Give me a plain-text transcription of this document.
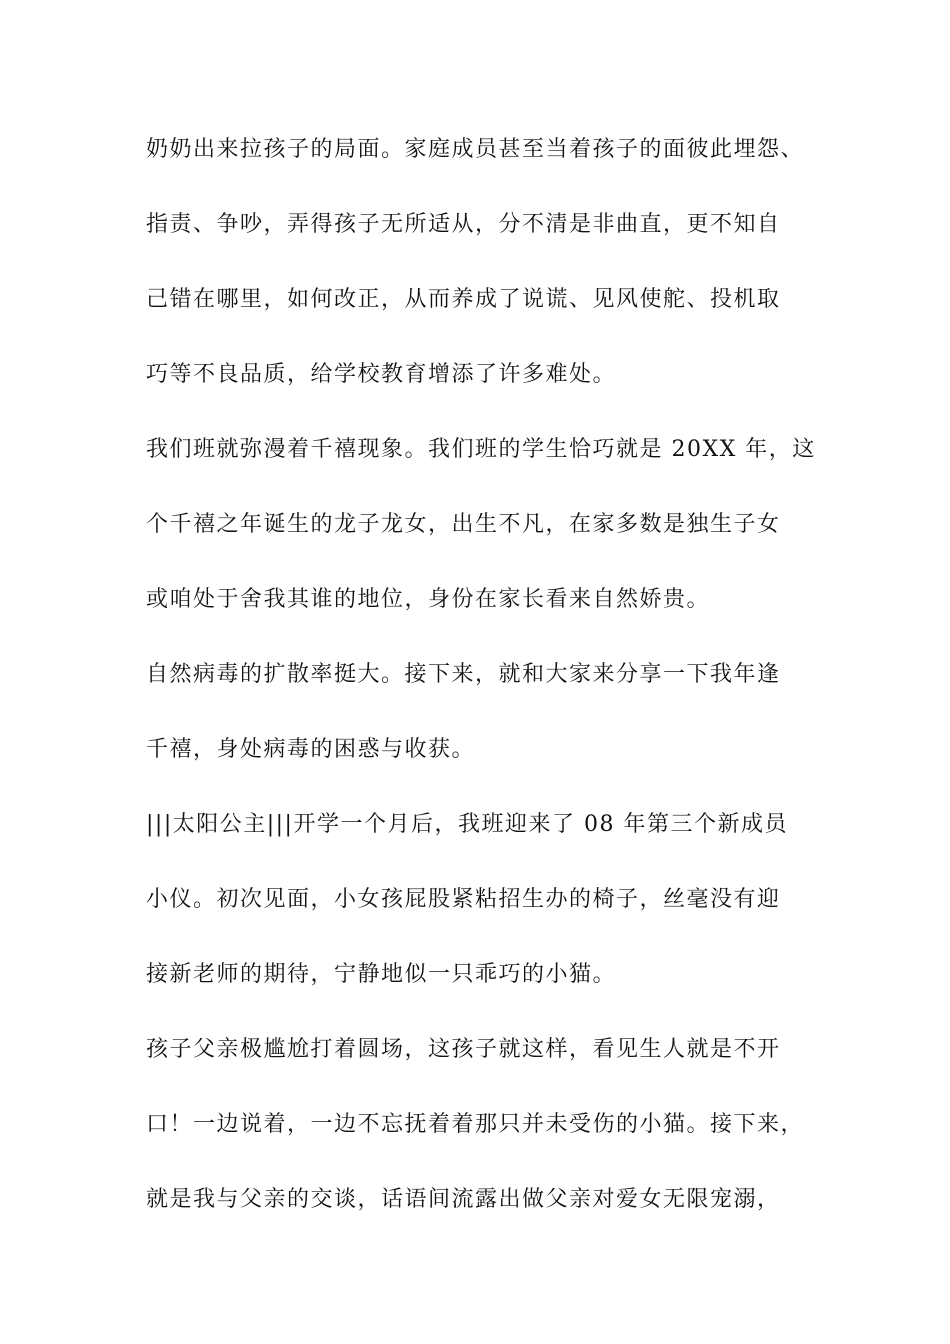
奶奶出来拉孩子的局面。家庭成员甚至当着孩子的面彼此埋怨、

指责、争吵，弄得孩子无所适从，分不清是非曲直，更不知自

己错在哪里，如何改正，从而养成了说谎、见风使舵、投机取

巧等不良品质，给学校教育增添了许多难处。

我们班就弥漫着千禧现象。我们班的学生恰巧就是 20XX 年，这

个千禧之年诞生的龙子龙女，出生不凡，在家多数是独生子女

或咱处于舍我其谁的地位，身份在家长看来自然娇贵。

自然病毒的扩散率挺大。接下来，就和大家来分享一下我年逢

千禧，身处病毒的困惑与收获。

|||太阳公主|||开学一个月后，我班迎来了 08 年第三个新成员

小仪。初次见面，小女孩屁股紧粘招生办的椅子，丝毫没有迎

接新老师的期待，宁静地似一只乖巧的小猫。

孩子父亲极尴尬打着圆场，这孩子就这样，看见生人就是不开

口！一边说着，一边不忘抚着着那只并未受伤的小猫。接下来，

就是我与父亲的交谈，话语间流露出做父亲对爱女无限宠溺，
